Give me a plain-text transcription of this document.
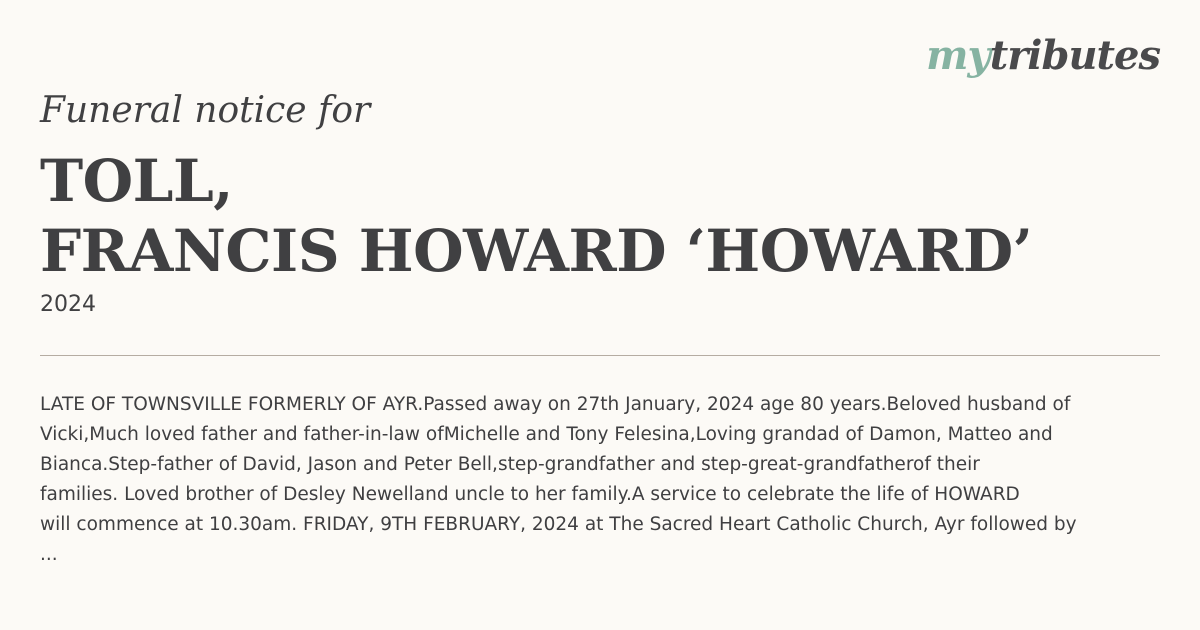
mytributes
Funeral notice for
TOLL,
FRANCIS HOWARD ‘HOWARD’
2024

LATE OF TOWNSVILLE FORMERLY OF AYR.Passed away on 27th January, 2024 age 80 years.Beloved husband of
Vicki,Much loved father and father-in-law ofMichelle and Tony Felesina,Loving grandad of Damon, Matteo and
Bianca.Step-father of David, Jason and Peter Bell,step-grandfather and step-great-grandfatherof their
families. Loved brother of Desley Newelland uncle to her family.A service to celebrate the life of HOWARD
will commence at 10.30am. FRIDAY, 9TH FEBRUARY, 2024 at The Sacred Heart Catholic Church, Ayr followed by
...
